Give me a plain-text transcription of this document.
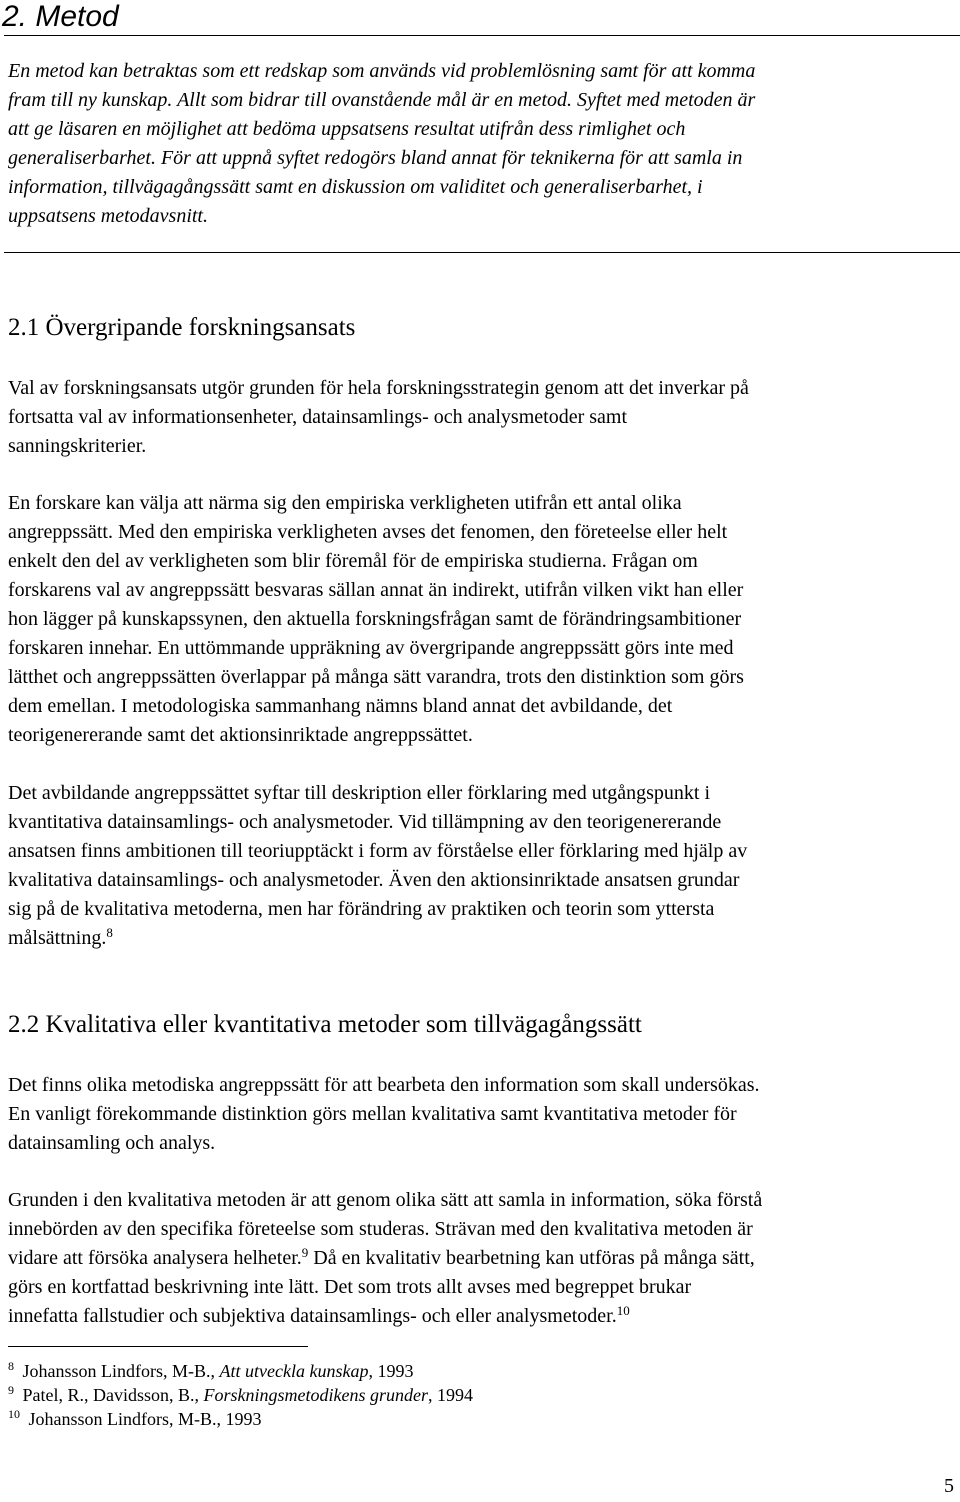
2. Metod
En metod kan betraktas som ett redskap som används vid problemlösning samt för att komma
fram till ny kunskap. Allt som bidrar till ovanstående mål är en metod. Syftet med metoden är
att ge läsaren en möjlighet att bedöma uppsatsens resultat utifrån dess rimlighet och
generaliserbarhet. För att uppnå syftet redogörs bland annat för teknikerna för att samla in
information, tillvägagångssätt samt en diskussion om validitet och generaliserbarhet, i
uppsatsens metodavsnitt.
2.1 Övergripande forskningsansats
Val av forskningsansats utgör grunden för hela forskningsstrategin genom att det inverkar på
fortsatta val av informationsenheter, datainsamlings- och analysmetoder samt
sanningskriterier.
En forskare kan välja att närma sig den empiriska verkligheten utifrån ett antal olika
angreppssätt. Med den empiriska verkligheten avses det fenomen, den företeelse eller helt
enkelt den del av verkligheten som blir föremål för de empiriska studierna. Frågan om
forskarens val av angreppssätt besvaras sällan annat än indirekt, utifrån vilken vikt han eller
hon lägger på kunskapssynen, den aktuella forskningsfrågan samt de förändringsambitioner
forskaren innehar. En uttömmande uppräkning av övergripande angreppssätt görs inte med
lätthet och angreppssätten överlappar på många sätt varandra, trots den distinktion som görs
dem emellan. I metodologiska sammanhang nämns bland annat det avbildande, det
teorigenererande samt det aktionsinriktade angreppssättet.
Det avbildande angreppssättet syftar till deskription eller förklaring med utgångspunkt i
kvantitativa datainsamlings- och analysmetoder. Vid tillämpning av den teorigenererande
ansatsen finns ambitionen till teoriupptäckt i form av förståelse eller förklaring med hjälp av
kvalitativa datainsamlings- och analysmetoder. Även den aktionsinriktade ansatsen grundar
sig på de kvalitativa metoderna, men har förändring av praktiken och teorin som yttersta
målsättning.$^8$
2.2 Kvalitativa eller kvantitativa metoder som tillvägagångssätt
Det finns olika metodiska angreppssätt för att bearbeta den information som skall undersökas.
En vanligt förekommande distinktion görs mellan kvalitativa samt kvantitativa metoder för
datainsamling och analys.
Grunden i den kvalitativa metoden är att genom olika sätt att samla in information, söka förstå
innebörden av den specifika företeelse som studeras. Strävan med den kvalitativa metoden är
vidare att försöka analysera helheter.$^9$ Då en kvalitativ bearbetning kan utföras på många sätt,
görs en kortfattad beskrivning inte lätt. Det som trots allt avses med begreppet brukar
innefatta fallstudier och subjektiva datainsamlings- och eller analysmetoder.$^{10}$
$^8$ Johansson Lindfors, M-B., Att utveckla kunskap, 1993
$^9$ Patel, R., Davidsson, B., Forskningsmetodikens grunder, 1994
$^{10}$ Johansson Lindfors, M-B., 1993

5
